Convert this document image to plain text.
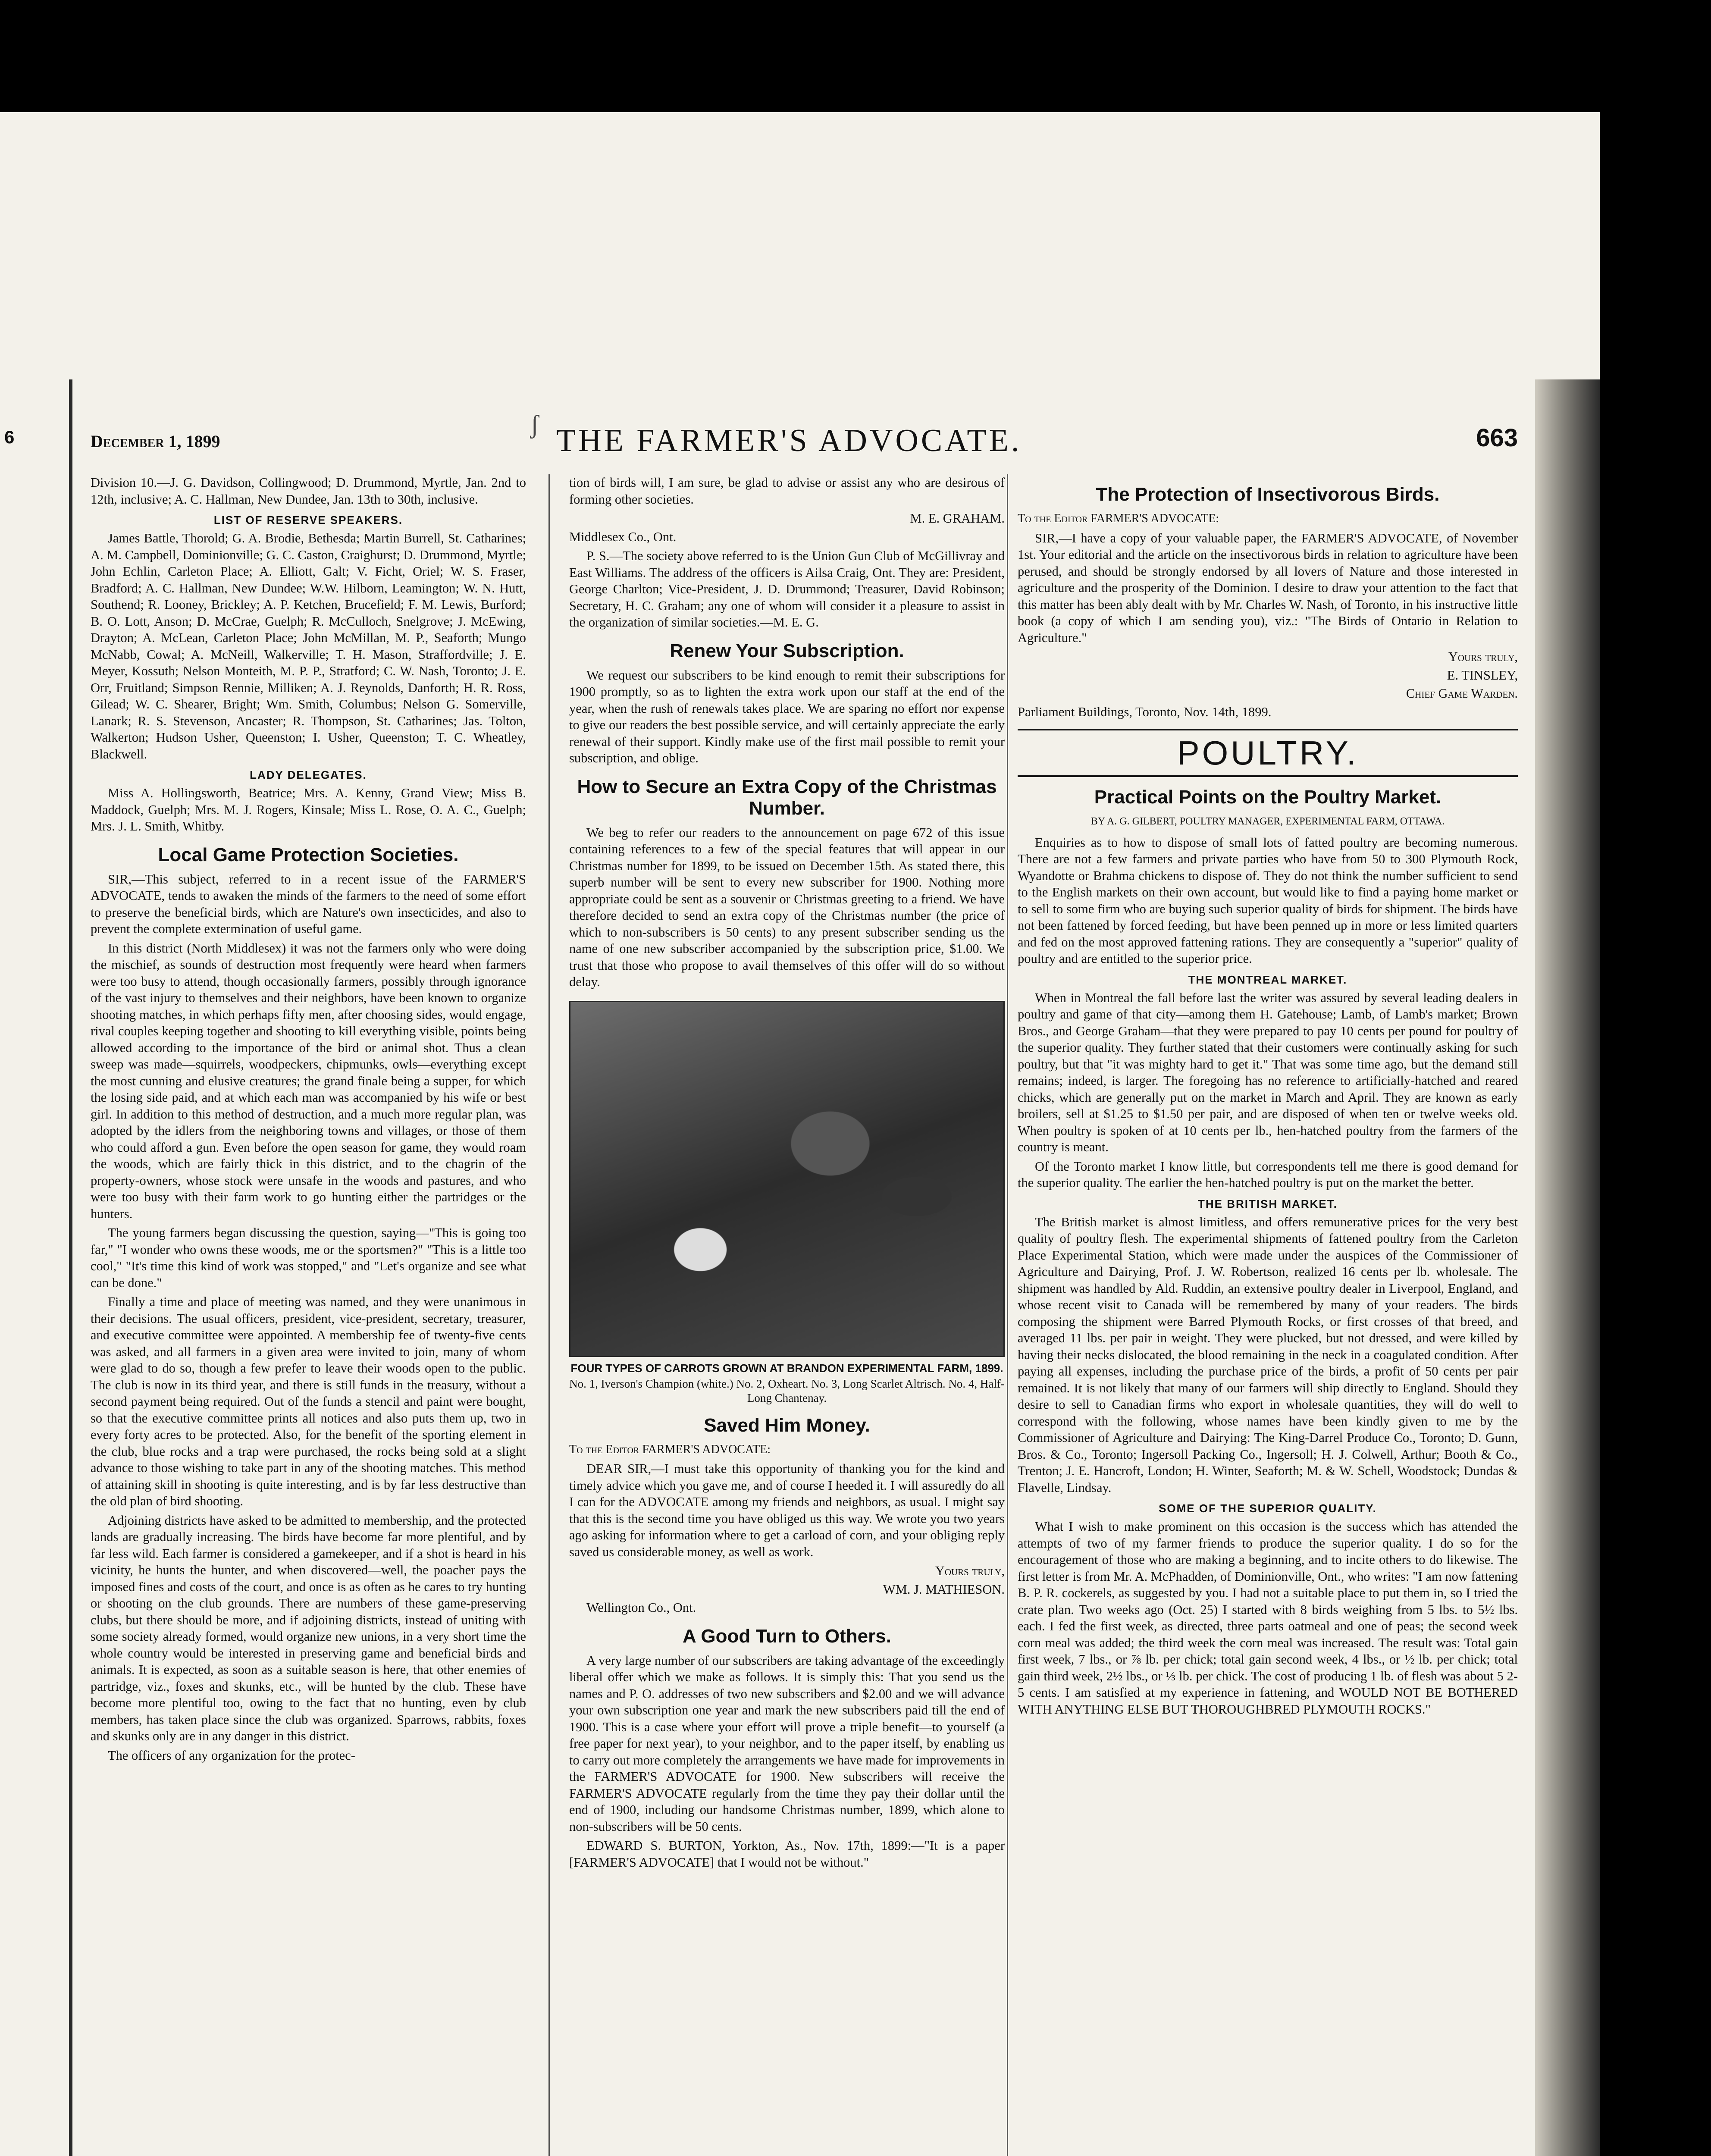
6	ʃ
December 1, 1899	THE FARMER'S ADVOCATE.	663

Division 10.—J. G. Davidson, Collingwood; D. Drummond, Myrtle, Jan. 2nd to 12th, inclusive; A. C. Hallman, New Dundee, Jan. 13th to 30th, inclusive.

LIST OF RESERVE SPEAKERS.

James Battle, Thorold; G. A. Brodie, Bethesda; Martin Burrell, St. Catharines; A. M. Campbell, Dominionville; G. C. Caston, Craighurst; D. Drummond, Myrtle; John Echlin, Carleton Place; A. Elliott, Galt; V. Ficht, Oriel; W. S. Fraser, Bradford; A. C. Hallman, New Dundee; W.W. Hilborn, Leamington; W. N. Hutt, Southend; R. Looney, Brickley; A. P. Ketchen, Brucefield; F. M. Lewis, Burford; B. O. Lott, Anson; D. McCrae, Guelph; R. McCulloch, Snelgrove; J. McEwing, Drayton; A. McLean, Carleton Place; John McMillan, M. P., Seaforth; Mungo McNabb, Cowal; A. McNeill, Walkerville; T. H. Mason, Straffordville; J. E. Meyer, Kossuth; Nelson Monteith, M. P. P., Stratford; C. W. Nash, Toronto; J. E. Orr, Fruitland; Simpson Rennie, Milliken; A. J. Reynolds, Danforth; H. R. Ross, Gilead; W. C. Shearer, Bright; Wm. Smith, Columbus; Nelson G. Somerville, Lanark; R. S. Stevenson, Ancaster; R. Thompson, St. Catharines; Jas. Tolton, Walkerton; Hudson Usher, Queenston; I. Usher, Queenston; T. C. Wheatley, Blackwell.

LADY DELEGATES.

Miss A. Hollingsworth, Beatrice; Mrs. A. Kenny, Grand View; Miss B. Maddock, Guelph; Mrs. M. J. Rogers, Kinsale; Miss L. Rose, O. A. C., Guelph; Mrs. J. L. Smith, Whitby.

Local Game Protection Societies.

SIR,—This subject, referred to in a recent issue of the FARMER'S ADVOCATE, tends to awaken the minds of the farmers to the need of some effort to preserve the beneficial birds, which are Nature's own insecticides, and also to prevent the complete extermination of useful game.

In this district (North Middlesex) it was not the farmers only who were doing the mischief, as sounds of destruction most frequently were heard when farmers were too busy to attend, though occasionally farmers, possibly through ignorance of the vast injury to themselves and their neighbors, have been known to organize shooting matches, in which perhaps fifty men, after choosing sides, would engage, rival couples keeping together and shooting to kill everything visible, points being allowed according to the importance of the bird or animal shot. Thus a clean sweep was made—squirrels, woodpeckers, chipmunks, owls—everything except the most cunning and elusive creatures; the grand finale being a supper, for which the losing side paid, and at which each man was accompanied by his wife or best girl. In addition to this method of destruction, and a much more regular plan, was adopted by the idlers from the neighboring towns and villages, or those of them who could afford a gun. Even before the open season for game, they would roam the woods, which are fairly thick in this district, and to the chagrin of the property-owners, whose stock were unsafe in the woods and pastures, and who were too busy with their farm work to go hunting either the partridges or the hunters.

The young farmers began discussing the question, saying—"This is going too far," "I wonder who owns these woods, me or the sportsmen?" "This is a little too cool," "It's time this kind of work was stopped," and "Let's organize and see what can be done."

Finally a time and place of meeting was named, and they were unanimous in their decisions. The usual officers, president, vice-president, secretary, treasurer, and executive committee were appointed. A membership fee of twenty-five cents was asked, and all farmers in a given area were invited to join, many of whom were glad to do so, though a few prefer to leave their woods open to the public. The club is now in its third year, and there is still funds in the treasury, without a second payment being required. Out of the funds a stencil and paint were bought, so that the executive committee prints all notices and also puts them up, two in every forty acres to be protected. Also, for the benefit of the sporting element in the club, blue rocks and a trap were purchased, the rocks being sold at a slight advance to those wishing to take part in any of the shooting matches. This method of attaining skill in shooting is quite interesting, and is by far less destructive than the old plan of bird shooting.

Adjoining districts have asked to be admitted to membership, and the protected lands are gradually increasing. The birds have become far more plentiful, and by far less wild. Each farmer is considered a gamekeeper, and if a shot is heard in his vicinity, he hunts the hunter, and when discovered—well, the poacher pays the imposed fines and costs of the court, and once is as often as he cares to try hunting or shooting on the club grounds. There are numbers of these game-preserving clubs, but there should be more, and if adjoining districts, instead of uniting with some society already formed, would organize new unions, in a very short time the whole country would be interested in preserving game and beneficial birds and animals. It is expected, as soon as a suitable season is here, that other enemies of partridge, viz., foxes and skunks, etc., will be hunted by the club. These have become more plentiful too, owing to the fact that no hunting, even by club members, has taken place since the club was organized. Sparrows, rabbits, foxes and skunks only are in any danger in this district.

The officers of any organization for the protec-

tion of birds will, I am sure, be glad to advise or assist any who are desirous of forming other societies.

M. E. GRAHAM.

Middlesex Co., Ont.

P. S.—The society above referred to is the Union Gun Club of McGillivray and East Williams. The address of the officers is Ailsa Craig, Ont. They are: President, George Charlton; Vice-President, J. D. Drummond; Treasurer, David Robinson; Secretary, H. C. Graham; any one of whom will consider it a pleasure to assist in the organization of similar societies.—M. E. G.

Renew Your Subscription.

We request our subscribers to be kind enough to remit their subscriptions for 1900 promptly, so as to lighten the extra work upon our staff at the end of the year, when the rush of renewals takes place. We are sparing no effort nor expense to give our readers the best possible service, and will certainly appreciate the early renewal of their support. Kindly make use of the first mail possible to remit your subscription, and oblige.

How to Secure an Extra Copy of the Christmas Number.

We beg to refer our readers to the announcement on page 672 of this issue containing references to a few of the special features that will appear in our Christmas number for 1899, to be issued on December 15th. As stated there, this superb number will be sent to every new subscriber for 1900. Nothing more appropriate could be sent as a souvenir or Christmas greeting to a friend. We have therefore decided to send an extra copy of the Christmas number (the price of which to non-subscribers is 50 cents) to any present subscriber sending us the name of one new subscriber accompanied by the subscription price, $1.00. We trust that those who propose to avail themselves of this offer will do so without delay.

FOUR TYPES OF CARROTS GROWN AT BRANDON EXPERIMENTAL FARM, 1899.
No. 1, Iverson's Champion (white.) No. 2, Oxheart. No. 3, Long Scarlet Altrisch. No. 4, Half-Long Chantenay.
Saved Him Money.
To the Editor FARMER'S ADVOCATE:

DEAR SIR,—I must take this opportunity of thanking you for the kind and timely advice which you gave me, and of course I heeded it. I will assuredly do all I can for the ADVOCATE among my friends and neighbors, as usual. I might say that this is the second time you have obliged us this way. We wrote you two years ago asking for information where to get a carload of corn, and your obliging reply saved us considerable money, as well as work.

Yours truly,

WM. J. MATHIESON.

Wellington Co., Ont.

A Good Turn to Others.

A very large number of our subscribers are taking advantage of the exceedingly liberal offer which we make as follows. It is simply this: That you send us the names and P. O. addresses of two new subscribers and $2.00 and we will advance your own subscription one year and mark the new subscribers paid till the end of 1900. This is a case where your effort will prove a triple benefit—to yourself (a free paper for next year), to your neighbor, and to the paper itself, by enabling us to carry out more completely the arrangements we have made for improvements in the FARMER'S ADVOCATE for 1900. New subscribers will receive the FARMER'S ADVOCATE regularly from the time they pay their dollar until the end of 1900, including our handsome Christmas number, 1899, which alone to non-subscribers will be 50 cents.

EDWARD S. BURTON, Yorkton, As., Nov. 17th, 1899:—"It is a paper [FARMER'S ADVOCATE] that I would not be without."

The Protection of Insectivorous Birds.
To the Editor FARMER'S ADVOCATE:

SIR,—I have a copy of your valuable paper, the FARMER'S ADVOCATE, of November 1st. Your editorial and the article on the insectivorous birds in relation to agriculture have been perused, and should be strongly endorsed by all lovers of Nature and those interested in agriculture and the prosperity of the Dominion. I desire to draw your attention to the fact that this matter has been ably dealt with by Mr. Charles W. Nash, of Toronto, in his instructive little book (a copy of which I am sending you), viz.: "The Birds of Ontario in Relation to Agriculture."

Yours truly,

E. TINSLEY,

Chief Game Warden.

Parliament Buildings, Toronto, Nov. 14th, 1899.

POULTRY.
Practical Points on the Poultry Market.
BY A. G. GILBERT, POULTRY MANAGER, EXPERIMENTAL FARM, OTTAWA.

Enquiries as to how to dispose of small lots of fatted poultry are becoming numerous. There are not a few farmers and private parties who have from 50 to 300 Plymouth Rock, Wyandotte or Brahma chickens to dispose of. They do not think the number sufficient to send to the English markets on their own account, but would like to find a paying home market or to sell to some firm who are buying such superior quality of birds for shipment. The birds have not been fattened by forced feeding, but have been penned up in more or less limited quarters and fed on the most approved fattening rations. They are consequently a "superior" quality of poultry and are entitled to the superior price.

THE MONTREAL MARKET.

When in Montreal the fall before last the writer was assured by several leading dealers in poultry and game of that city—among them H. Gatehouse; Lamb, of Lamb's market; Brown Bros., and George Graham—that they were prepared to pay 10 cents per pound for poultry of the superior quality. They further stated that their customers were continually asking for such poultry, but that "it was mighty hard to get it." That was some time ago, but the demand still remains; indeed, is larger. The foregoing has no reference to artificially-hatched and reared chicks, which are generally put on the market in March and April. They are known as early broilers, sell at $1.25 to $1.50 per pair, and are disposed of when ten or twelve weeks old. When poultry is spoken of at 10 cents per lb., hen-hatched poultry from the farmers of the country is meant.

Of the Toronto market I know little, but correspondents tell me there is good demand for the superior quality. The earlier the hen-hatched poultry is put on the market the better.

THE BRITISH MARKET.

The British market is almost limitless, and offers remunerative prices for the very best quality of poultry flesh. The experimental shipments of fattened poultry from the Carleton Place Experimental Station, which were made under the auspices of the Commissioner of Agriculture and Dairying, Prof. J. W. Robertson, realized 16 cents per lb. wholesale. The shipment was handled by Ald. Ruddin, an extensive poultry dealer in Liverpool, England, and whose recent visit to Canada will be remembered by many of your readers. The birds composing the shipment were Barred Plymouth Rocks, or first crosses of that breed, and averaged 11 lbs. per pair in weight. They were plucked, but not dressed, and were killed by having their necks dislocated, the blood remaining in the neck in a coagulated condition. After paying all expenses, including the purchase price of the birds, a profit of 50 cents per pair remained. It is not likely that many of our farmers will ship directly to England. Should they desire to sell to Canadian firms who export in wholesale quantities, they will do well to correspond with the following, whose names have been kindly given to me by the Commissioner of Agriculture and Dairying: The King-Darrel Produce Co., Toronto; D. Gunn, Bros. & Co., Toronto; Ingersoll Packing Co., Ingersoll; H. J. Colwell, Arthur; Booth & Co., Trenton; J. E. Hancroft, London; H. Winter, Seaforth; M. & W. Schell, Woodstock; Dundas & Flavelle, Lindsay.

SOME OF THE SUPERIOR QUALITY.

What I wish to make prominent on this occasion is the success which has attended the attempts of two of my farmer friends to produce the superior quality. I do so for the encouragement of those who are making a beginning, and to incite others to do likewise. The first letter is from Mr. A. McPhadden, of Dominionville, Ont., who writes: "I am now fattening B. P. R. cockerels, as suggested by you. I had not a suitable place to put them in, so I tried the crate plan. Two weeks ago (Oct. 25) I started with 8 birds weighing from 5 lbs. to 5½ lbs. each. I fed the first week, as directed, three parts oatmeal and one of peas; the second week corn meal was added; the third week the corn meal was increased. The result was: Total gain first week, 7 lbs., or ⅞ lb. per chick; total gain second week, 4 lbs., or ½ lb. per chick; total gain third week, 2½ lbs., or ⅓ lb. per chick. The cost of producing 1 lb. of flesh was about 5 2-5 cents. I am satisfied at my experience in fattening, and WOULD NOT BE BOTHERED WITH ANYTHING ELSE BUT THOROUGHBRED PLYMOUTH ROCKS."
